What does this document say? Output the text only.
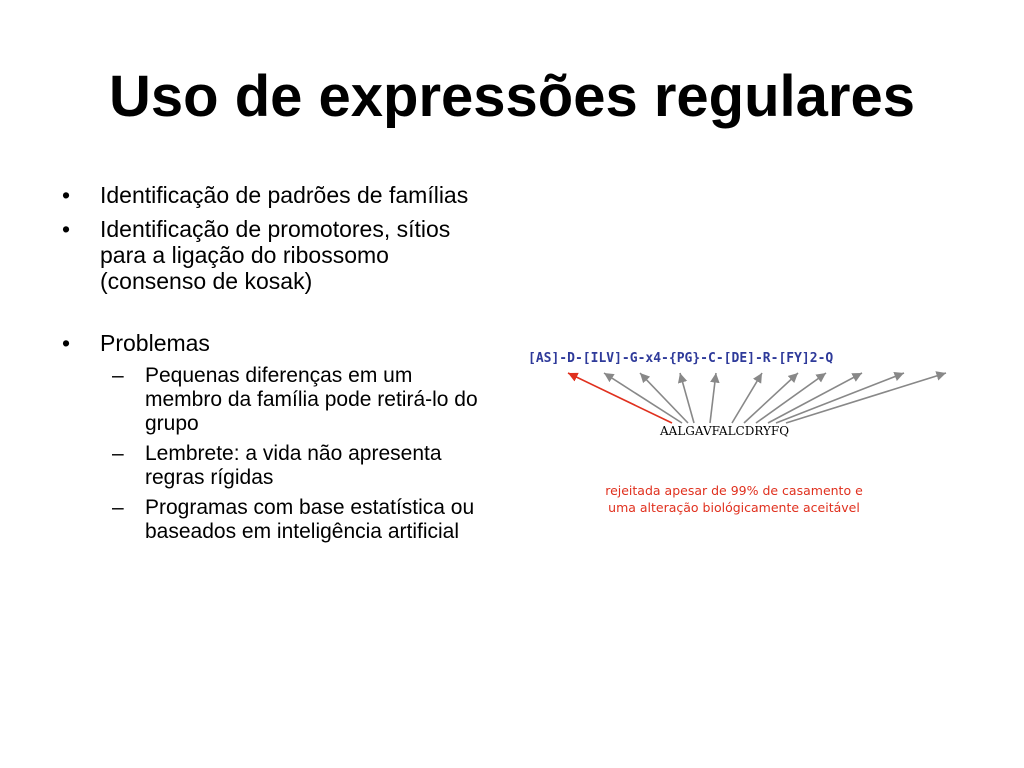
Uso de expressões regulares
• Identificação de padrões de famílias
• Identificação de promotores, sítios para a ligação do ribossomo (consenso de kosak)
• Problemas
– Pequenas diferenças em um membro da família pode retirá-lo do grupo
– Lembrete: a vida não apresenta regras rígidas
– Programas com base estatística ou baseados em inteligência artificial
[AS]-D-[ILV]-G-x4-{PG}-C-[DE]-R-[FY]2-Q
AALGAVFALCDRYFQ
rejeitada apesar de 99% de casamento e
uma alteração biológicamente aceitável
